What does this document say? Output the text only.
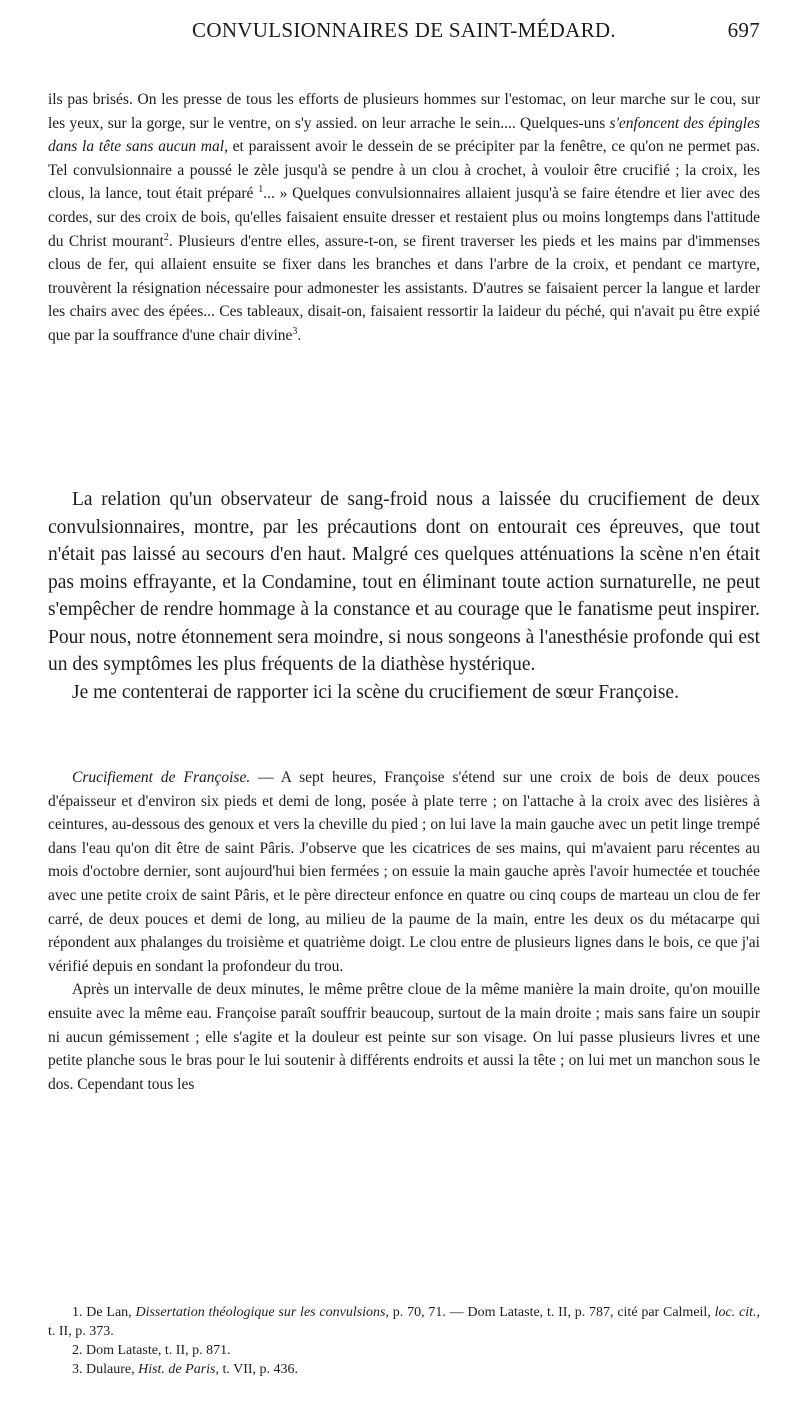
CONVULSIONNAIRES DE SAINT-MÉDARD.	697

ils pas brisés. On les presse de tous les efforts de plusieurs hommes sur l'estomac, on leur marche sur le cou, sur les yeux, sur la gorge, sur le ventre, on s'y assied. on leur arrache le sein.... Quelques-uns s'enfoncent des épingles dans la tête sans aucun mal, et paraissent avoir le dessein de se précipiter par la fenêtre, ce qu'on ne permet pas. Tel convulsionnaire a poussé le zèle jusqu'à se pendre à un clou à crochet, à vouloir être crucifié ; la croix, les clous, la lance, tout était préparé $^1$... » Quelques convulsionnaires allaient jusqu'à se faire étendre et lier avec des cordes, sur des croix de bois, qu'elles faisaient ensuite dresser et restaient plus ou moins longtemps dans l'attitude du Christ mourant$^2$. Plusieurs d'entre elles, assure-t-on, se firent traverser les pieds et les mains par d'immenses clous de fer, qui allaient ensuite se fixer dans les branches et dans l'arbre de la croix, et pendant ce martyre, trouvèrent la résignation nécessaire pour admonester les assistants. D'autres se faisaient percer la langue et larder les chairs avec des épées... Ces tableaux, disait-on, faisaient ressortir la laideur du péché, qui n'avait pu être expié que par la souffrance d'une chair divine$^3$.

La relation qu'un observateur de sang-froid nous a laissée du crucifiement de deux convulsionnaires, montre, par les précautions dont on entourait ces épreuves, que tout n'était pas laissé au secours d'en haut. Malgré ces quelques atténuations la scène n'en était pas moins effrayante, et la Condamine, tout en éliminant toute action surnaturelle, ne peut s'empêcher de rendre hommage à la constance et au courage que le fanatisme peut inspirer. Pour nous, notre étonnement sera moindre, si nous songeons à l'anesthésie profonde qui est un des symptômes les plus fréquents de la diathèse hystérique.

Je me contenterai de rapporter ici la scène du crucifiement de sœur Françoise.

Crucifiement de Françoise. — A sept heures, Françoise s'étend sur une croix de bois de deux pouces d'épaisseur et d'environ six pieds et demi de long, posée à plate terre ; on l'attache à la croix avec des lisières à ceintures, au-dessous des genoux et vers la cheville du pied ; on lui lave la main gauche avec un petit linge trempé dans l'eau qu'on dit être de saint Pâris. J'observe que les cicatrices de ses mains, qui m'avaient paru récentes au mois d'octobre dernier, sont aujourd'hui bien fermées ; on essuie la main gauche après l'avoir humectée et touchée avec une petite croix de saint Pâris, et le père directeur enfonce en quatre ou cinq coups de marteau un clou de fer carré, de deux pouces et demi de long, au milieu de la paume de la main, entre les deux os du métacarpe qui répondent aux phalanges du troisième et quatrième doigt. Le clou entre de plusieurs lignes dans le bois, ce que j'ai vérifié depuis en sondant la profondeur du trou.

Après un intervalle de deux minutes, le même prêtre cloue de la même manière la main droite, qu'on mouille ensuite avec la même eau. Françoise paraît souffrir beaucoup, surtout de la main droite ; mais sans faire un soupir ni aucun gémissement ; elle s'agite et la douleur est peinte sur son visage. On lui passe plusieurs livres et une petite planche sous le bras pour le lui soutenir à différents endroits et aussi la tête ; on lui met un manchon sous le dos. Cependant tous les

1. De Lan, Dissertation théologique sur les convulsions, p. 70, 71. — Dom Lataste, t. II, p. 787, cité par Calmeil, loc. cit., t. II, p. 373.

2. Dom Lataste, t. II, p. 871.

3. Dulaure, Hist. de Paris, t. VII, p. 436.
